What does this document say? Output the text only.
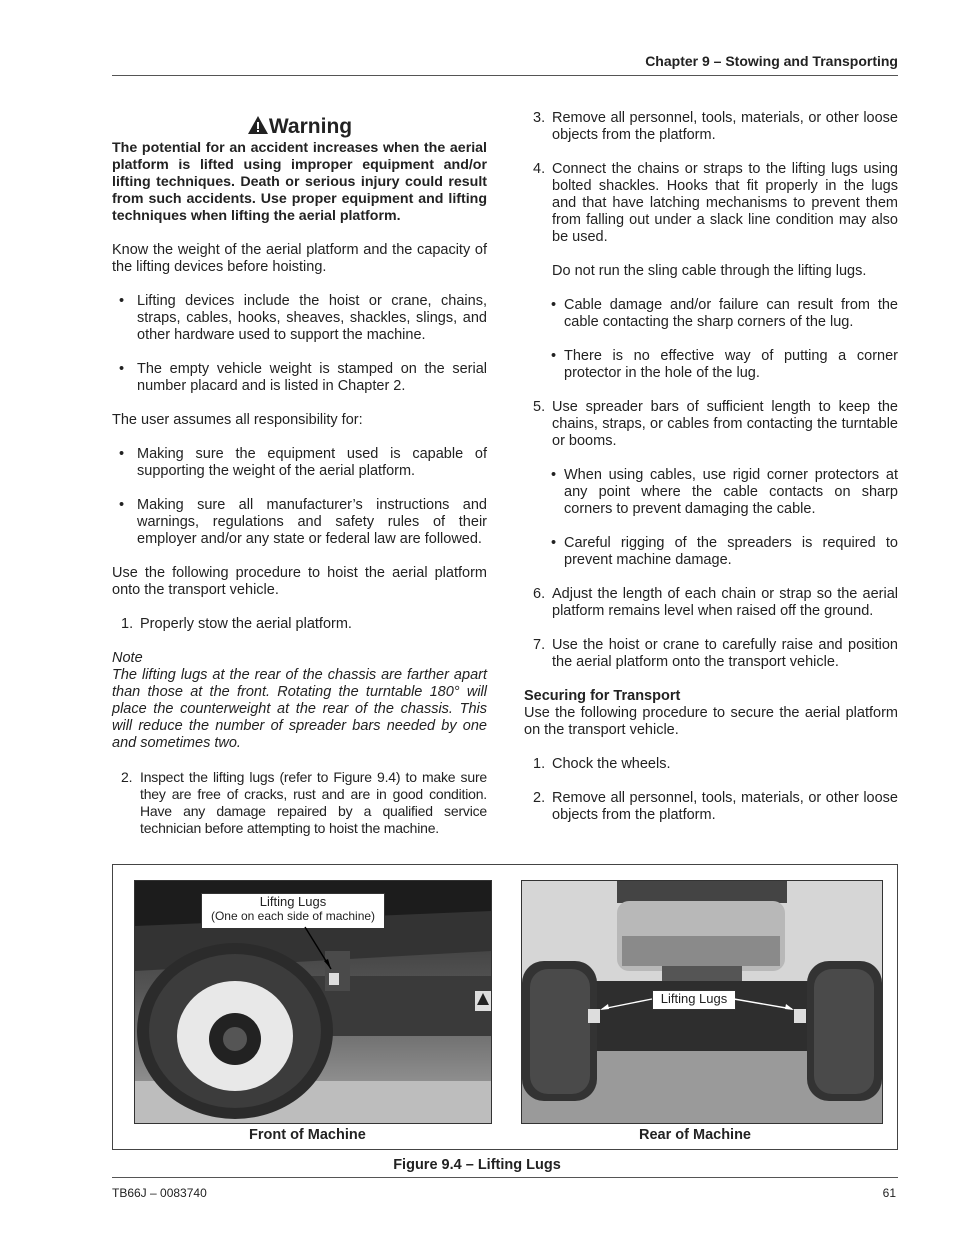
Chapter 9 – Stowing and Transporting
Warning

The potential for an accident increases when the aerial platform is lifted using improper equipment and/or lifting techniques. Death or serious injury could result from such accidents. Use proper equipment and lifting techniques when lifting the aerial platform.

Know the weight of the aerial platform and the capacity of the lifting devices before hoisting.

• Lifting devices include the hoist or crane, chains, straps, cables, hooks, sheaves, shackles, slings, and other hardware used to support the machine.
• The empty vehicle weight is stamped on the serial number placard and is listed in Chapter 2.

The user assumes all responsibility for:

• Making sure the equipment used is capable of supporting the weight of the aerial platform.
• Making sure all manufacturer’s instructions and warnings, regulations and safety rules of their employer and/or any state or federal law are followed.

Use the following procedure to hoist the aerial platform onto the transport vehicle.

1. Properly stow the aerial platform.

Note

The lifting lugs at the rear of the chassis are farther apart than those at the front. Rotating the turntable 180° will place the counterweight at the rear of the chassis. This will reduce the number of spreader bars needed by one and sometimes two.

2. Inspect the lifting lugs (refer to Figure 9.4) to make sure they are free of cracks, rust and are in good condition. Have any damage repaired by a qualified service technician before attempting to hoist the machine.
3. Remove all personnel, tools, materials, or other loose objects from the platform.
4. Connect the chains or straps to the lifting lugs using bolted shackles. Hooks that fit properly in the lugs and that have latching mechanisms to prevent them from falling out under a slack line condition may also be used.

Do not run the sling cable through the lifting lugs.

• Cable damage and/or failure can result from the cable contacting the sharp corners of the lug.
• There is no effective way of putting a corner protector in the hole of the lug.
5. Use spreader bars of sufficient length to keep the chains, straps, or cables from contacting the turntable or booms.
• When using cables, use rigid corner protectors at any point where the cable contacts on sharp corners to prevent damaging the cable.
• Careful rigging of the spreaders is required to prevent machine damage.
6. Adjust the length of each chain or strap so the aerial platform remains level when raised off the ground.
7. Use the hoist or crane to carefully raise and position the aerial platform onto the transport vehicle.

Securing for Transport

Use the following procedure to secure the aerial platform on the transport vehicle.

1. Chock the wheels.
2. Remove all personnel, tools, materials, or other loose objects from the platform.
Lifting Lugs
(One on each side of machine)
Lifting Lugs
Front of Machine	Rear of Machine
Figure 9.4 – Lifting Lugs
TB66J – 0083740	61
